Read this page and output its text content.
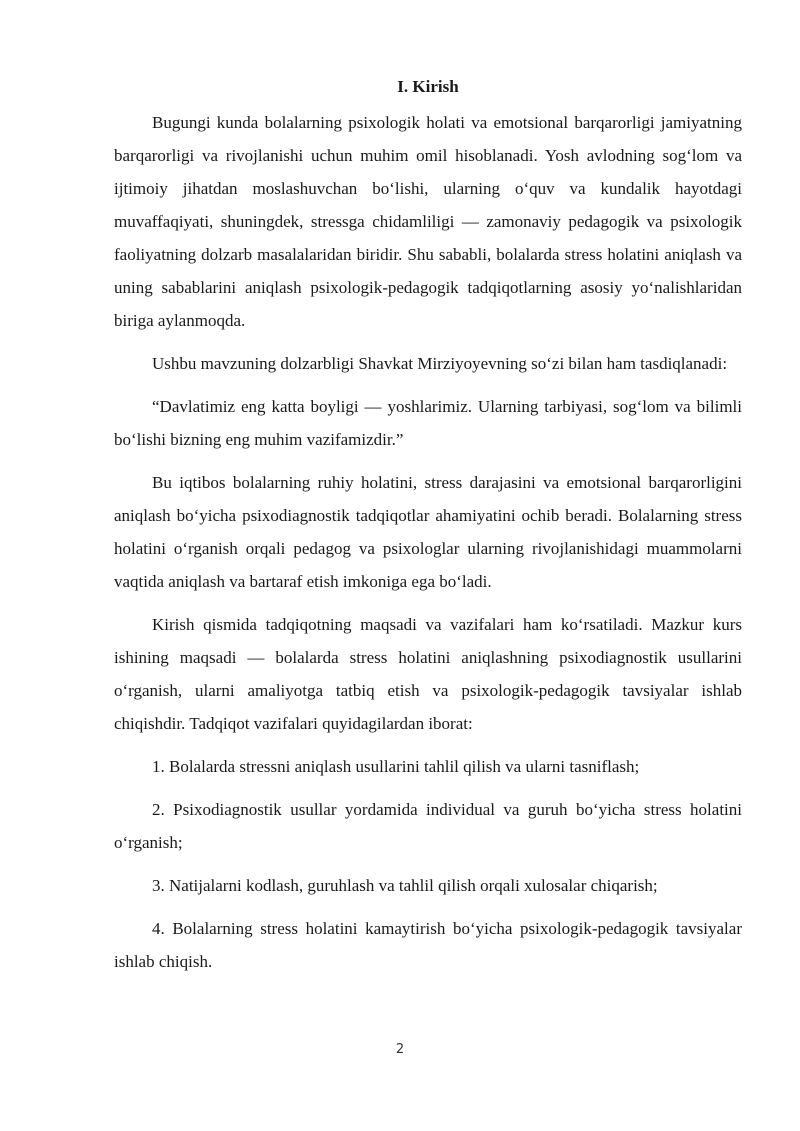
I. Kirish

Bugungi kunda bolalarning psixologik holati va emotsional barqarorligi jamiyatning barqarorligi va rivojlanishi uchun muhim omil hisoblanadi. Yosh avlodning sog‘lom va ijtimoiy jihatdan moslashuvchan bo‘lishi, ularning o‘quv va kundalik hayotdagi muvaffaqiyati, shuningdek, stressga chidamliligi — zamonaviy pedagogik va psixologik faoliyatning dolzarb masalalaridan biridir. Shu sababli, bolalarda stress holatini aniqlash va uning sabablarini aniqlash psixologik-pedagogik tadqiqotlarning asosiy yo‘nalishlaridan biriga aylanmoqda.

Ushbu mavzuning dolzarbligi Shavkat Mirziyoyevning so‘zi bilan ham tasdiqlanadi:

“Davlatimiz eng katta boyligi — yoshlarimiz. Ularning tarbiyasi, sog‘lom va bilimli bo‘lishi bizning eng muhim vazifamizdir.”

Bu iqtibos bolalarning ruhiy holatini, stress darajasini va emotsional barqarorligini aniqlash bo‘yicha psixodiagnostik tadqiqotlar ahamiyatini ochib beradi. Bolalarning stress holatini o‘rganish orqali pedagog va psixologlar ularning rivojlanishidagi muammolarni vaqtida aniqlash va bartaraf etish imkoniga ega bo‘ladi.

Kirish qismida tadqiqotning maqsadi va vazifalari ham ko‘rsatiladi. Mazkur kurs ishining maqsadi — bolalarda stress holatini aniqlashning psixodiagnostik usullarini o‘rganish, ularni amaliyotga tatbiq etish va psixologik-pedagogik tavsiyalar ishlab chiqishdir. Tadqiqot vazifalari quyidagilardan iborat:

1. Bolalarda stressni aniqlash usullarini tahlil qilish va ularni tasniflash;

2. Psixodiagnostik usullar yordamida individual va guruh bo‘yicha stress holatini o‘rganish;

3. Natijalarni kodlash, guruhlash va tahlil qilish orqali xulosalar chiqarish;

4. Bolalarning stress holatini kamaytirish bo‘yicha psixologik-pedagogik tavsiyalar ishlab chiqish.

2
